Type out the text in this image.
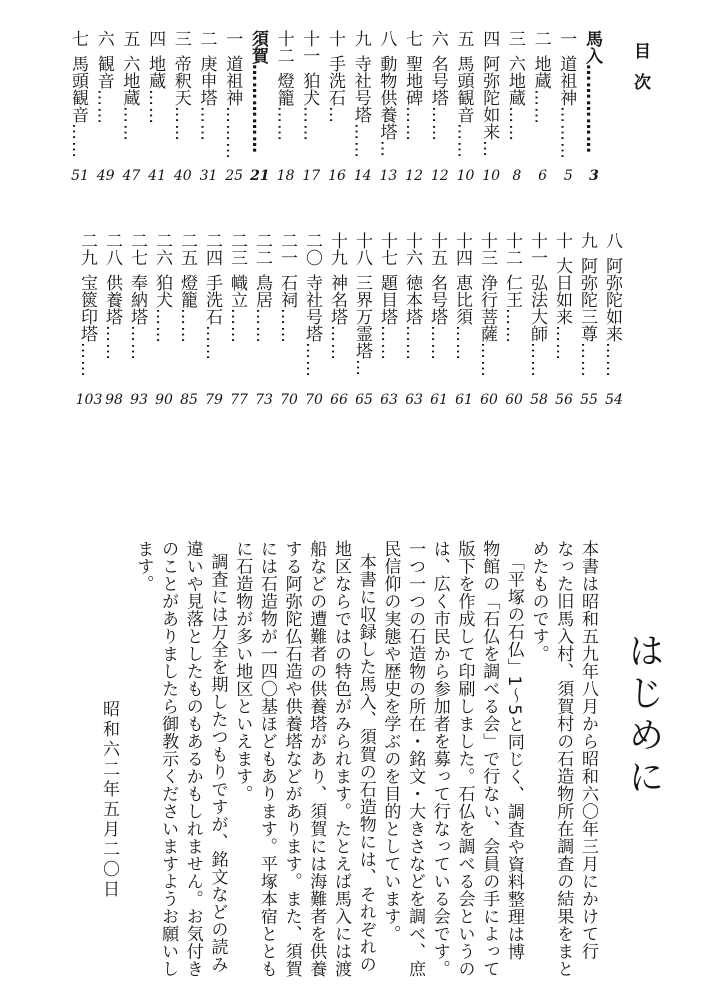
目次
馬入……………
3
一道祖神………
5
二地蔵……
6
三六地蔵……
8
四阿弥陀如来…
10
五馬頭観音……
10
六名号塔……
12
七聖地碑……
12
八動物供養塔…
13
九寺社号塔……
14
十手洗石…
16
十一狛犬……
17
十二燈籠……
18
須賀……………
21
一道祖神………
25
二庚申塔……
31
三帝釈天……
40
四地蔵……
41
五六地蔵……
47
六観音……
49
七馬頭観音……
51
八阿弥陀如来……
54
九阿弥陀三尊……
55
十大日如来……
56
十一弘法大師……
58
十二仁王……
60
十三浄行菩薩……
60
十四恵比須……
61
十五名号塔……
61
十六徳本塔……
63
十七題目塔……
63
十八三界万霊塔…
65
十九神名塔……
66
二〇寺社号塔……
70
二一石祠……
70
二二鳥居……
73
二三幟立……
77
二四手洗石……
79
二五燈籠……
85
二六狛犬……
90
二七奉納塔……
93
二八供養塔……
98
二九宝篋印塔……
103
はじめに
本書は昭和五九年八月から昭和六〇年三月にかけて行
なった旧馬入村、須賀村の石造物所在調査の結果をまと
めたものです。
「平塚の石仏」1～5と同じく、調査や資料整理は博
物館の「石仏を調べる会」で行ない、会員の手によって
版下を作成して印刷しました。石仏を調べる会というの
は、広く市民から参加者を募って行なっている会です。
一つ一つの石造物の所在・銘文・大きさなどを調べ、庶
民信仰の実態や歴史を学ぶのを目的としています。
本書に収録した馬入、須賀の石造物には、それぞれの
地区ならではの特色がみられます。たとえば馬入には渡
船などの遭難者の供養塔があり、須賀には海難者を供養
する阿弥陀仏石造や供養塔などがあります。また、須賀
には石造物が一四〇基ほどもあります。平塚本宿ととも
に石造物が多い地区といえます。
調査には万全を期したつもりですが、銘文などの読み
違いや見落としたものもあるかもしれません。お気付き
のことがありましたら御教示くださいますようお願いし
ます。
昭和六二年五月二〇日
